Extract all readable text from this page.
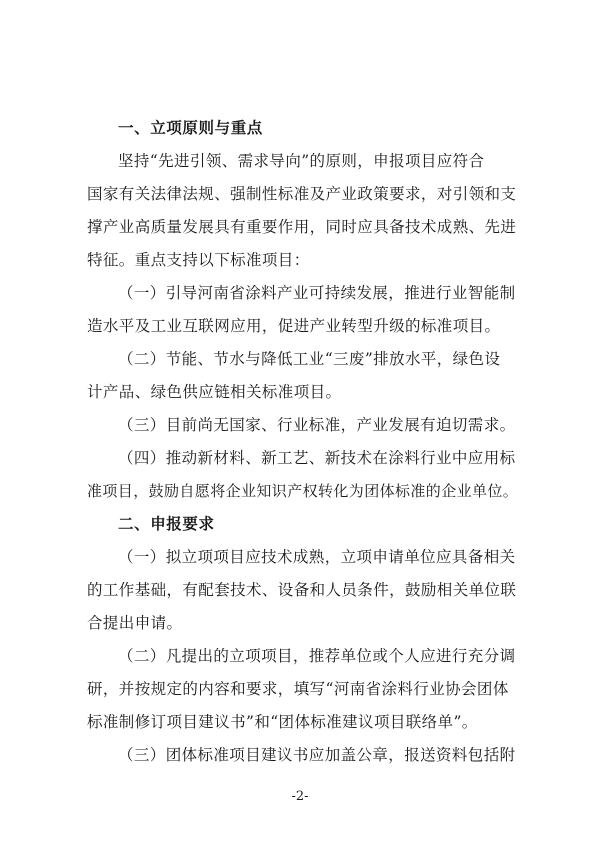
一、立项原则与重点
坚持“先进引领、需求导向”的原则，申报项目应符合
国家有关法律法规、强制性标准及产业政策要求，对引领和支
撑产业高质量发展具有重要作用，同时应具备技术成熟、先进
特征。重点支持以下标准项目：
（一）引导河南省涂料产业可持续发展，推进行业智能制
造水平及工业互联网应用，促进产业转型升级的标准项目。
（二）节能、节水与降低工业“三废”排放水平，绿色设
计产品、绿色供应链相关标准项目。
（三）目前尚无国家、行业标准，产业发展有迫切需求。
（四）推动新材料、新工艺、新技术在涂料行业中应用标
准项目，鼓励自愿将企业知识产权转化为团体标准的企业单位。
二、申报要求
（一）拟立项项目应技术成熟，立项申请单位应具备相关
的工作基础，有配套技术、设备和人员条件，鼓励相关单位联
合提出申请。
（二）凡提出的立项项目，推荐单位或个人应进行充分调
研，并按规定的内容和要求，填写“河南省涂料行业协会团体
标准制修订项目建议书”和“团体标准建议项目联络单”。
（三）团体标准项目建议书应加盖公章，报送资料包括附
-2-
